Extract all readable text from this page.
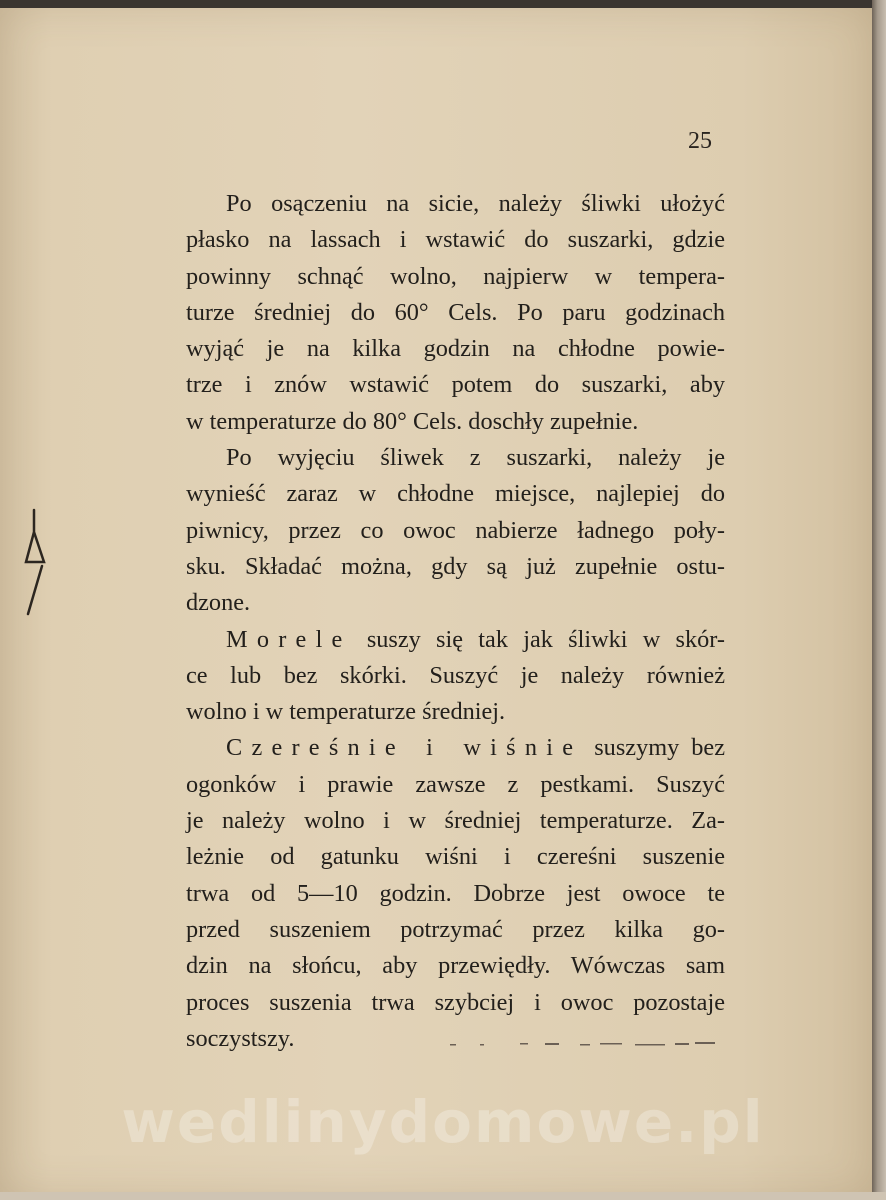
25
Po osączeniu na sicie, należy śliwki ułożyć
płasko na lassach i wstawić do suszarki, gdzie
powinny schnąć wolno, najpierw w tempera-
turze średniej do 60° Cels. Po paru godzinach
wyjąć je na kilka godzin na chłodne powie-
trze i znów wstawić potem do suszarki, aby
w temperaturze do 80° Cels. doschły zupełnie.
Po wyjęciu śliwek z suszarki, należy je
wynieść zaraz w chłodne miejsce, najlepiej do
piwnicy, przez co owoc nabierze ładnego poły-
sku. Składać można, gdy są już zupełnie ostu-
dzone.
Morele suszy się tak jak śliwki w skór-
ce lub bez skórki. Suszyć je należy również
wolno i w temperaturze średniej.
Czereśnie i wiśnie suszymy bez
ogonków i prawie zawsze z pestkami. Suszyć
je należy wolno i w średniej temperaturze. Za-
leżnie od gatunku wiśni i czereśni suszenie
trwa od 5—10 godzin. Dobrze jest owoce te
przed suszeniem potrzymać przez kilka go-
dzin na słońcu, aby przewiędły. Wówczas sam
proces suszenia trwa szybciej i owoc pozostaje
soczystszy.
wedlinydomowe.pl
